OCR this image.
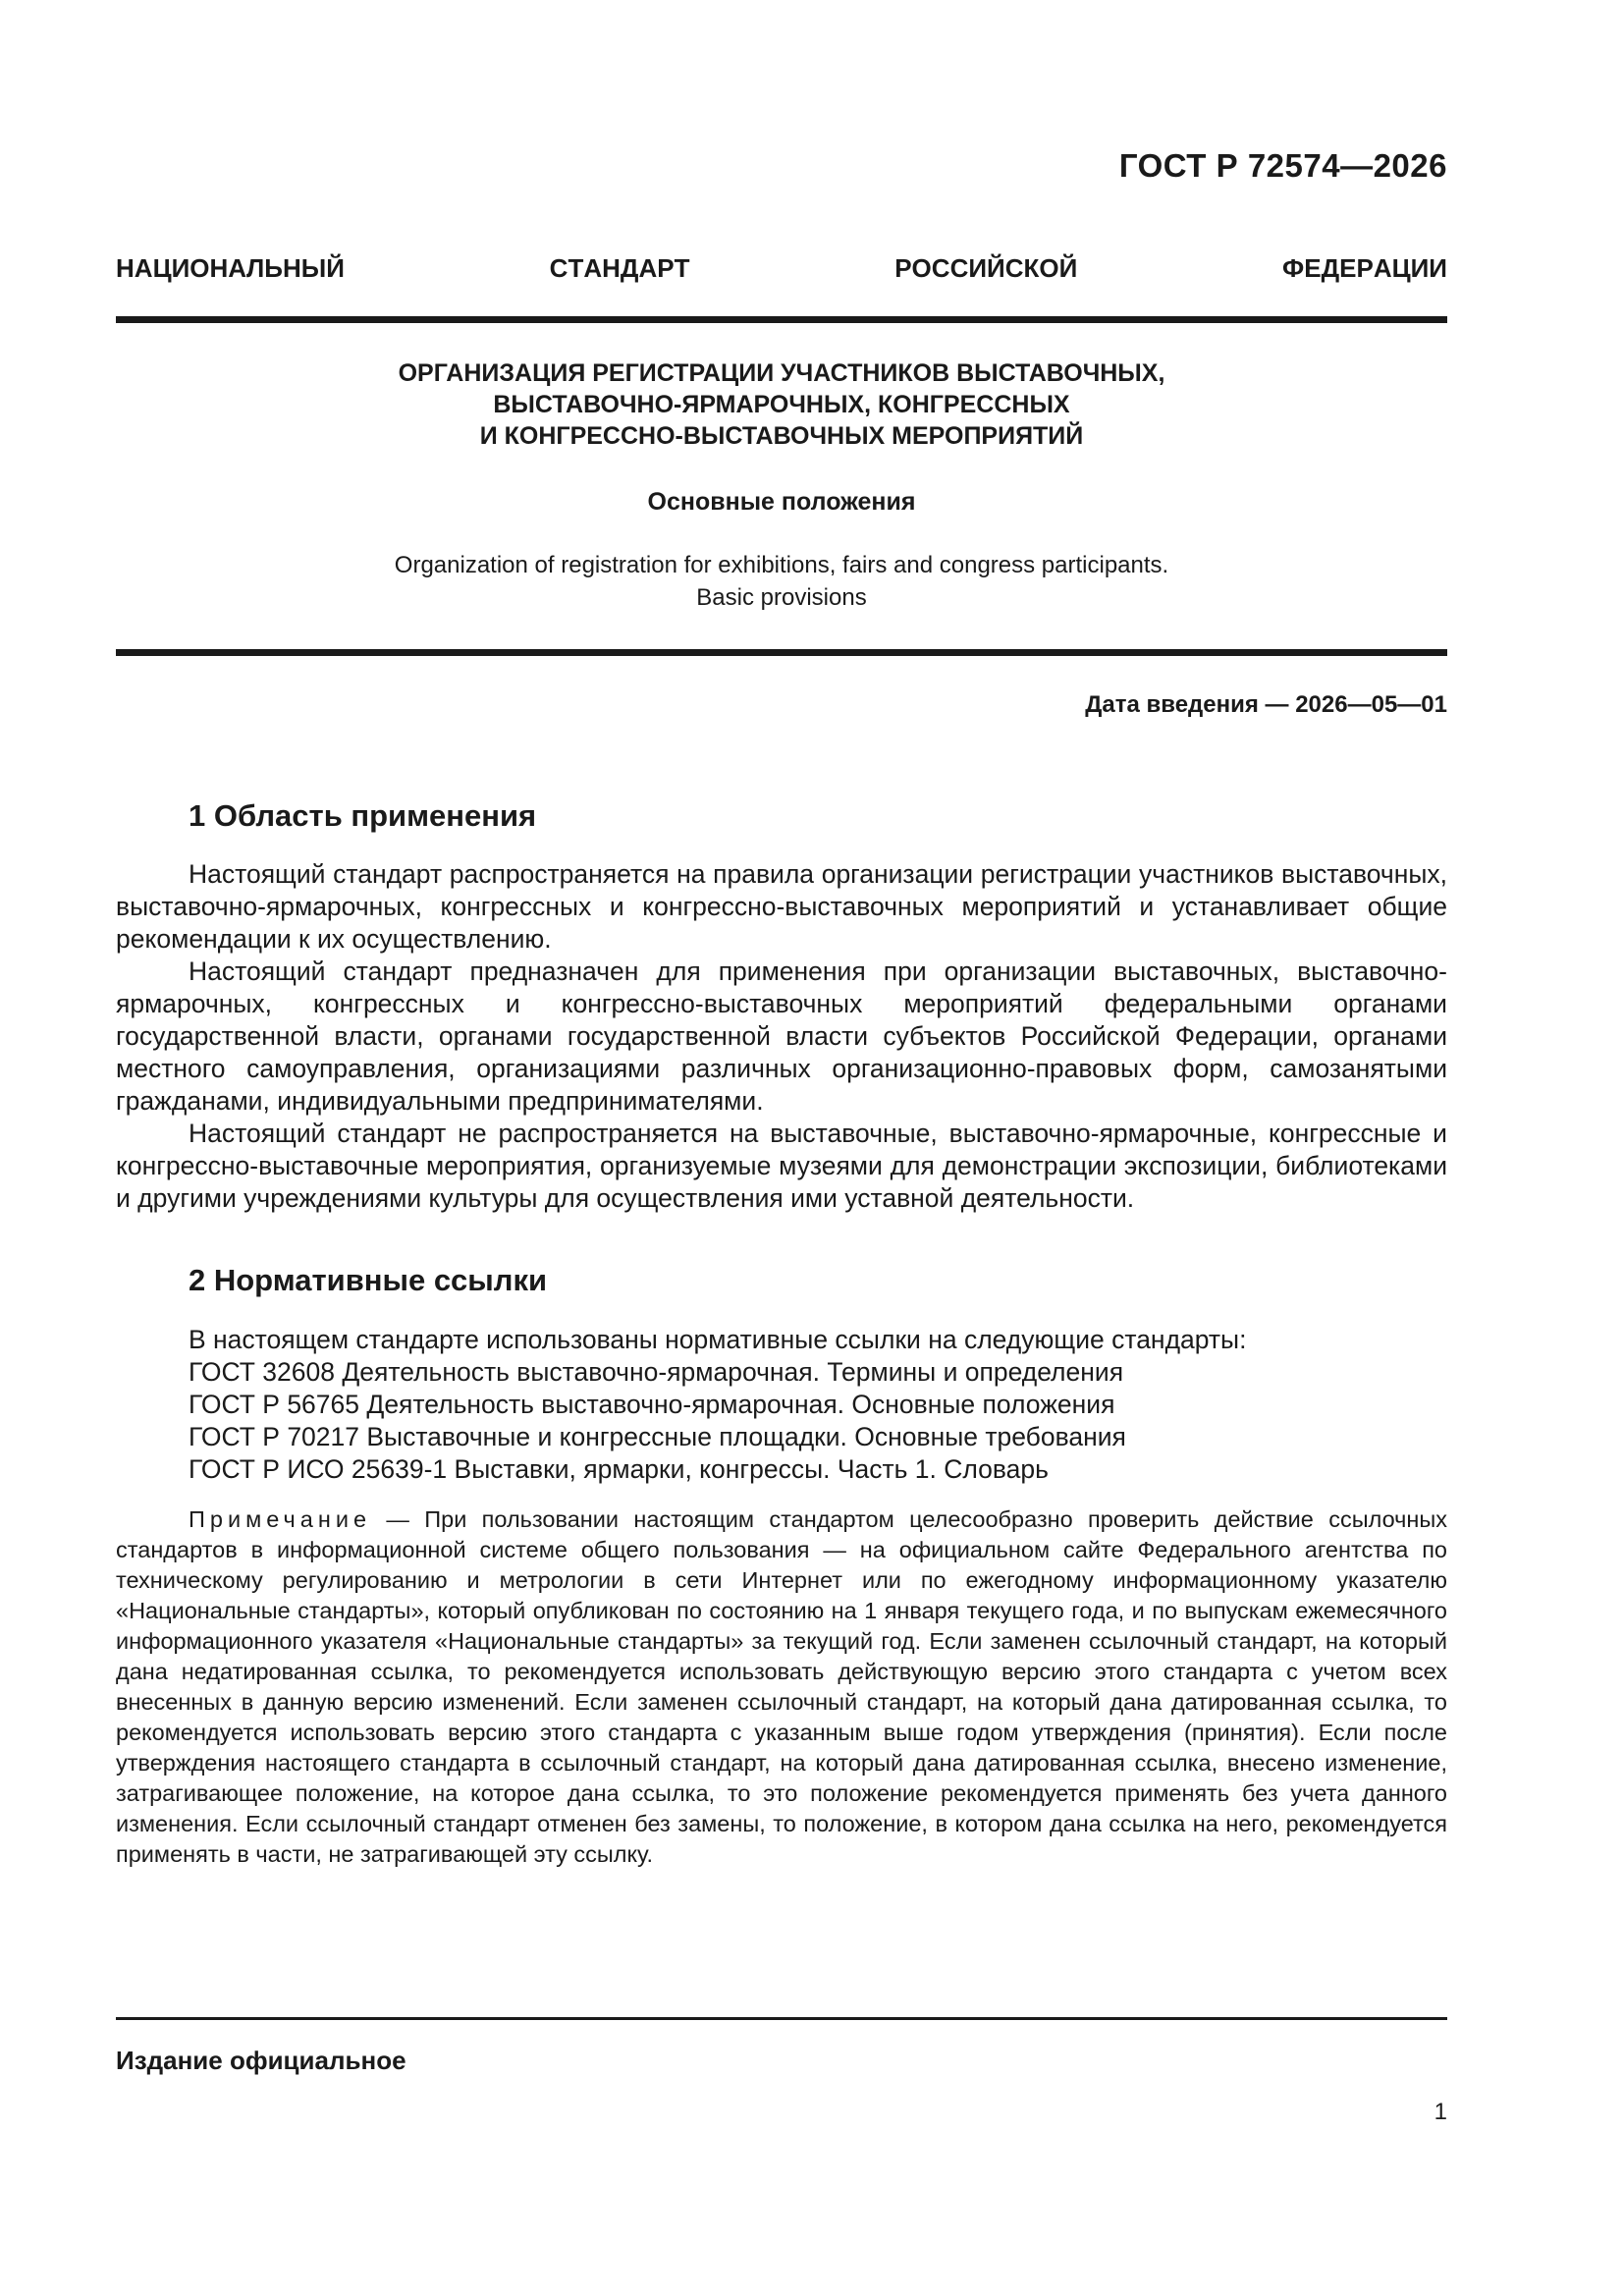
ГОСТ Р 72574—2026
Н А Ц И О Н А Л Ь Н Ы Й	С Т А Н Д А Р Т	Р О С С И Й С К О Й	Ф Е Д Е Р А Ц И И
ОРГАНИЗАЦИЯ РЕГИСТРАЦИИ УЧАСТНИКОВ ВЫСТАВОЧНЫХ,
ВЫСТАВОЧНО-ЯРМАРОЧНЫХ, КОНГРЕССНЫХ
И КОНГРЕССНО-ВЫСТАВОЧНЫХ МЕРОПРИЯТИЙ
Основные положения
Organization of registration for exhibitions, fairs and congress participants.
Basic provisions
Дата введения — 2026—05—01
1 Область применения

Настоящий стандарт распространяется на правила организации регистрации участников выставочных, выставочно-ярмарочных, конгрессных и конгрессно-выставочных мероприятий и устанавливает общие рекомендации к их осуществлению.

Настоящий стандарт предназначен для применения при организации выставочных, выставочно-ярмарочных, конгрессных и конгрессно-выставочных мероприятий федеральными органами государственной власти, органами государственной власти субъектов Российской Федерации, органами местного самоуправления, организациями различных организационно-правовых форм, самозанятыми гражданами, индивидуальными предпринимателями.

Настоящий стандарт не распространяется на выставочные, выставочно-ярмарочные, конгрессные и конгрессно-выставочные мероприятия, организуемые музеями для демонстрации экспозиции, библиотеками и другими учреждениями культуры для осуществления ими уставной деятельности.

2 Нормативные ссылки
В настоящем стандарте использованы нормативные ссылки на следующие стандарты:
ГОСТ 32608 Деятельность выставочно-ярмарочная. Термины и определения
ГОСТ Р 56765 Деятельность выставочно-ярмарочная. Основные положения
ГОСТ Р 70217 Выставочные и конгрессные площадки. Основные требования
ГОСТ Р ИСО 25639-1 Выставки, ярмарки, конгрессы. Часть 1. Словарь
Примечание — При пользовании настоящим стандартом целесообразно проверить действие ссылочных стандартов в информационной системе общего пользования — на официальном сайте Федерального агентства по техническому регулированию и метрологии в сети Интернет или по ежегодному информационному указателю «Национальные стандарты», который опубликован по состоянию на 1 января текущего года, и по выпускам ежемесячного информационного указателя «Национальные стандарты» за текущий год. Если заменен ссылочный стандарт, на который дана недатированная ссылка, то рекомендуется использовать действующую версию этого стандарта с учетом всех внесенных в данную версию изменений. Если заменен ссылочный стандарт, на который дана датированная ссылка, то рекомендуется использовать версию этого стандарта с указанным выше годом утверждения (принятия). Если после утверждения настоящего стандарта в ссылочный стандарт, на который дана датированная ссылка, внесено изменение, затрагивающее положение, на которое дана ссылка, то это положение рекомендуется применять без учета данного изменения. Если ссылочный стандарт отменен без замены, то положение, в котором дана ссылка на него, рекомендуется применять в части, не затрагивающей эту ссылку.
Издание официальное
1
